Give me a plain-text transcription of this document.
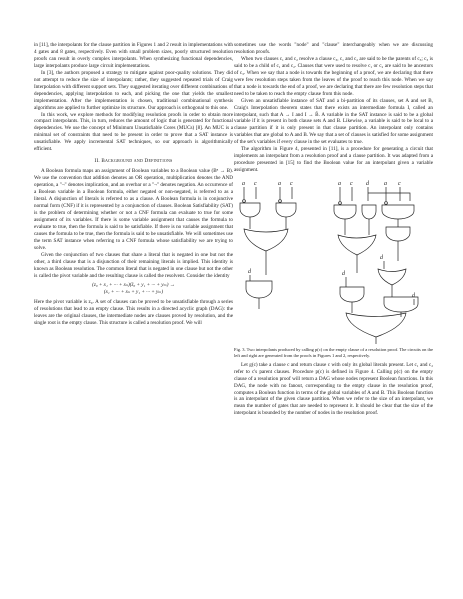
in [11], the interpolants for the clause partition in Figures 1 and 2 result in implementations with 4 gates and 8 gates, respectively. Even with small problem sizes, poorly structured resolution proofs can result in overly complex interpolants. When synthesizing functional dependencies, large interpolants produce large circuit implementations.

In [3], the authors proposed a strategy to mitigate against poor-quality solutions. They did not attempt to reduce the size of interpolants; rather, they suggested repeated trials of Craig Interpolation with different support sets. They suggested iterating over different combinations of dependencies, applying interpolation to each, and picking the one that yields the smallest implementation. After the implementation is chosen, traditional combinational synthesis algorithms are applied to further optimize its structure. Our approach is orthogonal to this one.

In this work, we explore methods for modifying resolution proofs in order to obtain more compact interpolants. This, in turn, reduces the amount of logic that is generated for functional dependencies. We use the concept of Minimum Unsatisfiable Cores (MUCs) [8]. An MUC is a minimal set of constraints that need to be present in order to prove that a SAT instance is unsatisfiable. We apply incremental SAT techniques, so our approach is algorithmically efficient.

II. Background and Definitions

A Boolean formula maps an assignment of Boolean variables to a Boolean value (Bⁿ → B). We use the convention that addition denotes an OR operation, multiplication denotes the AND operation, a "¬" denotes implication, and an overbar or a "¬" denotes negation. An occurrence of a Boolean variable in a Boolean formula, either negated or non-negated, is referred to as a literal. A disjunction of literals is referred to as a clause. A Boolean formula is in conjunctive normal form (CNF) if it is represented by a conjunction of clauses. Boolean Satisfiability (SAT) is the problem of determining whether or not a CNF formula can evaluate to true for some assignment of its variables. If there is some variable assignment that causes the formula to evaluate to true, then the formula is said to be satisfiable. If there is no variable assignment that causes the formula to be true, then the formula is said to be unsatisfiable. We will sometimes use the term SAT instance when referring to a CNF formula whose satisfiability we are trying to solve.

Given the conjunction of two clauses that share a literal that is negated in one but not the other, a third clause that is a disjunction of their remaining literals is implied. This identity is known as Boolean resolution. The common literal that is negated in one clause but not the other is called the pivot variable and the resulting clause is called the resolvent. Consider the identity

(z₀ + x₁ + ··· + xₙ)(z̄₀ + y₁ + ··· + yₘ) →
(x₁ + ··· + xₙ + y₁ + ··· + yₘ)

Here the pivot variable is z₀. A set of clauses can be proved to be unsatisfiable through a series of resolutions that lead to an empty clause. This results in a directed acyclic graph (DAG): the leaves are the original clauses, the intermediate nodes are clauses proved by resolution, and the single root is the empty clause. This structure is called a resolution proof. We will

sometimes use the words "node" and "clause" interchangeably when we are discussing resolution proofs.

When two clauses c₁ and c₂ resolve a clause c₃, c₁ and c₂ are said to be the parents of c₃; c₃ is said to be a child of c₁ and c₂. Clauses that were used to resolve c₁ or c₂ are said to be ancestors of c₃. When we say that a node is towards the beginning of a proof, we are declaring that there were few resolution steps taken from the leaves of the proof to reach this node. When we say that a node is towards the end of a proof, we are declaring that there are few resolution steps that need to be taken to reach the empty clause from this node.

Given an unsatisfiable instance of SAT and a bi-partition of its clauses, set A and set B, Craig's Interpolation theorem states that there exists an intermediate formula I, called an interpolant, such that A → I and I → B̄. A variable in the SAT instance is said to be a global variable if it is present in both clause sets A and B. Likewise, a variable is said to be local to a clause partition if it is only present in that clause partition. An interpolant only contains variables that are global to A and B. We say that a set of clauses is satisfied for some assignment of the set's variables if every clause in the set evaluates to true.

The algorithm in Figure 4, presented in [11], is a procedure for generating a circuit that implements an interpolant from a resolution proof and a clause partition. It was adapted from a procedure presented in [15] to find the Boolean value for an interpolant given a variable assignment.

a c	a c
d
a c d	a c
d
d
d
Fig. 3. Two interpolants produced by calling p(c) on the empty clause of a resolution proof. The circuits on the left and right are generated from the proofs in Figures 1 and 2, respectively.

Let g(c) take a clause c and return clause c with only its global literals present. Let c₁ and c₂ refer to c's parent clauses. Procedure p(c) is defined in Figure 4. Calling p(c) on the empty clause of a resolution proof will return a DAG whose nodes represent Boolean functions. In this DAG, the node with no fanout, corresponding to the empty clause in the resolution proof, computes a Boolean function in terms of the global variables of A and B. This Boolean function is an interpolant of the given clause partition. When we refer to the size of an interpolant, we mean the number of gates that are needed to represent it. It should be clear that the size of the interpolant is bounded by the number of nodes in the resolution proof.
